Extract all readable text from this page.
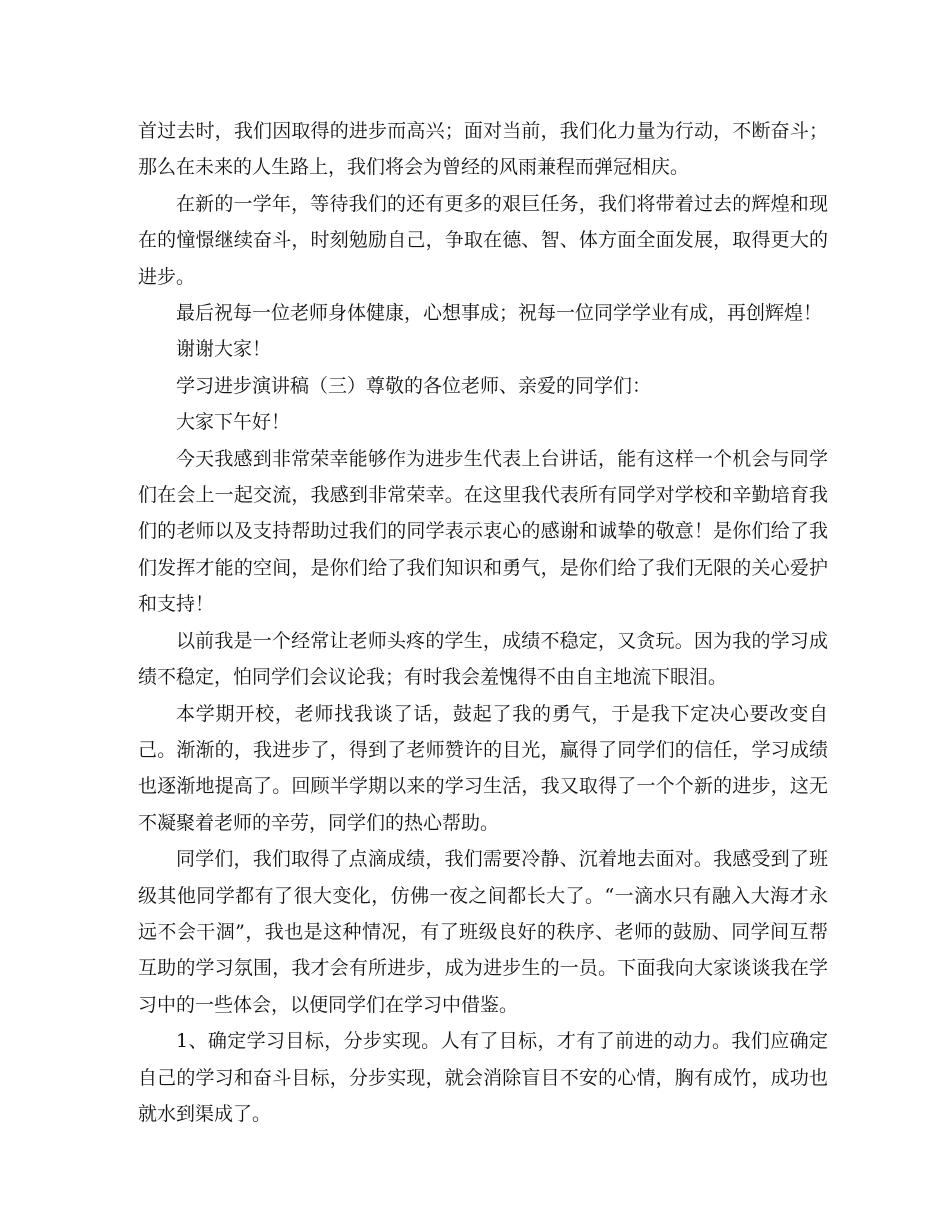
首过去时，我们因取得的进步而高兴；面对当前，我们化力量为行动，不断奋斗；那么在未来的人生路上，我们将会为曾经的风雨兼程而弹冠相庆。

在新的一学年，等待我们的还有更多的艰巨任务，我们将带着过去的辉煌和现在的憧憬继续奋斗，时刻勉励自己，争取在德、智、体方面全面发展，取得更大的进步。

最后祝每一位老师身体健康，心想事成；祝每一位同学学业有成，再创辉煌！

谢谢大家！

学习进步演讲稿（三）尊敬的各位老师、亲爱的同学们：

大家下午好！

今天我感到非常荣幸能够作为进步生代表上台讲话，能有这样一个机会与同学们在会上一起交流，我感到非常荣幸。在这里我代表所有同学对学校和辛勤培育我们的老师以及支持帮助过我们的同学表示衷心的感谢和诚挚的敬意！是你们给了我们发挥才能的空间，是你们给了我们知识和勇气，是你们给了我们无限的关心爱护和支持！

以前我是一个经常让老师头疼的学生，成绩不稳定，又贪玩。因为我的学习成绩不稳定，怕同学们会议论我；有时我会羞愧得不由自主地流下眼泪。

本学期开校，老师找我谈了话，鼓起了我的勇气，于是我下定决心要改变自己。渐渐的，我进步了，得到了老师赞许的目光，赢得了同学们的信任，学习成绩也逐渐地提高了。回顾半学期以来的学习生活，我又取得了一个个新的进步，这无不凝聚着老师的辛劳，同学们的热心帮助。

同学们，我们取得了点滴成绩，我们需要冷静、沉着地去面对。我感受到了班级其他同学都有了很大变化，仿佛一夜之间都长大了。“一滴水只有融入大海才永远不会干涸”，我也是这种情况，有了班级良好的秩序、老师的鼓励、同学间互帮互助的学习氛围，我才会有所进步，成为进步生的一员。下面我向大家谈谈我在学习中的一些体会，以便同学们在学习中借鉴。

1、确定学习目标，分步实现。人有了目标，才有了前进的动力。我们应确定自己的学习和奋斗目标，分步实现，就会消除盲目不安的心情，胸有成竹，成功也就水到渠成了。
